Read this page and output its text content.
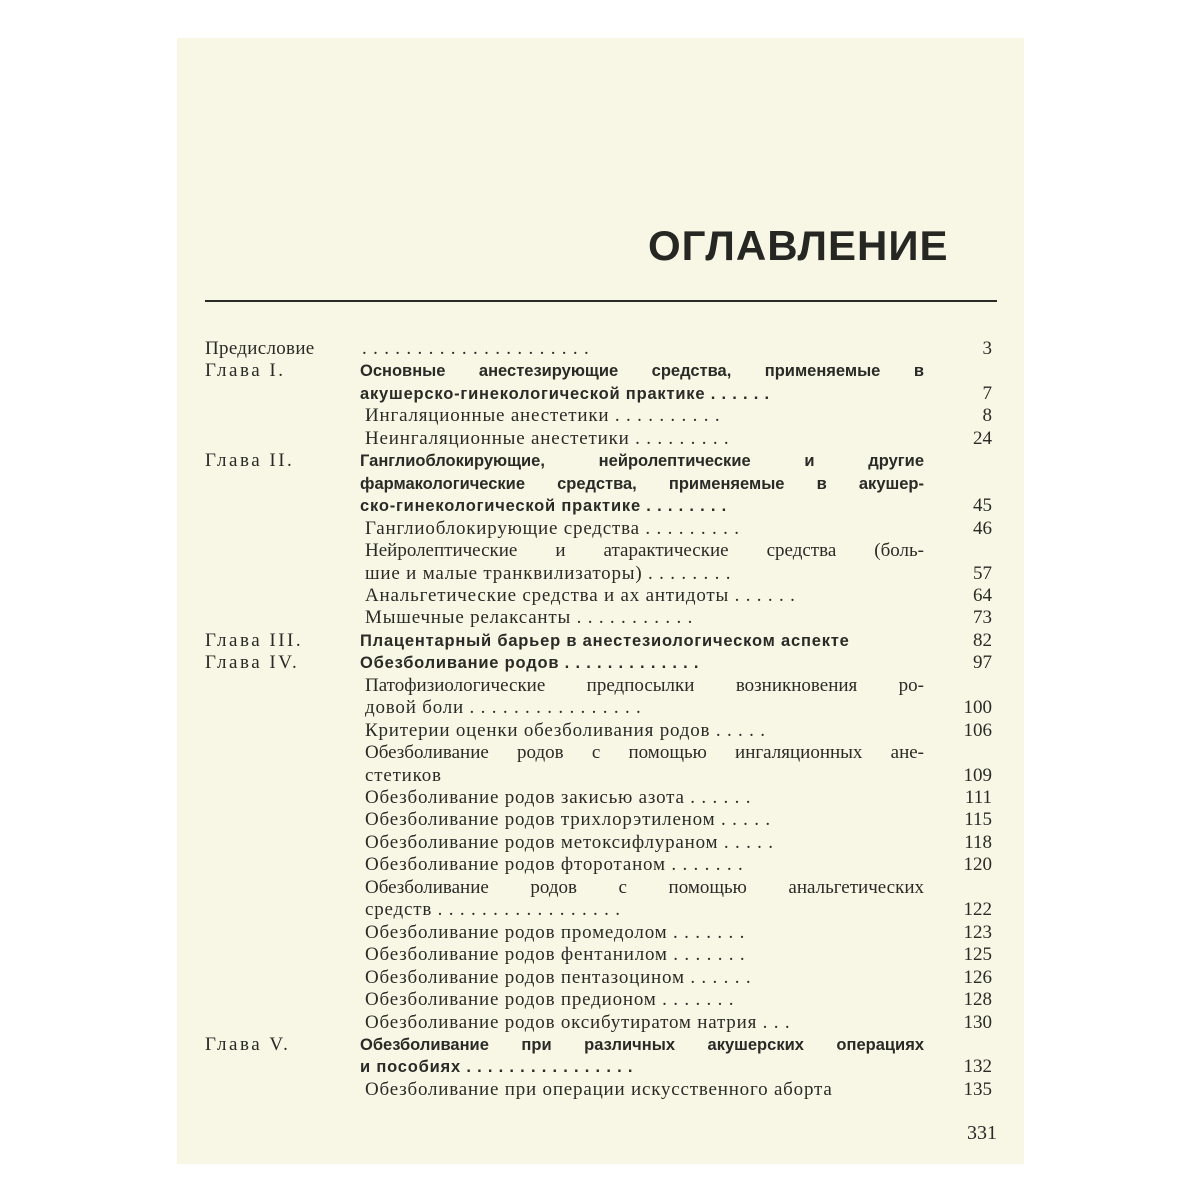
ОГЛАВЛЕНИЕ
Предисловие . . . . . . . . . . . . . . . . . . . . .	3
Глава I.	Основные анестезирующие средства, применяемые в
акушерско-гинекологической практике . . . . . .	7
Ингаляционные анестетики . . . . . . . . . .	8
Неингаляционные анестетики . . . . . . . . .	24
Глава II.	Ганглиоблокирующие, нейролептические и другие
фармакологические средства, применяемые в акушер-
ско-гинекологической практике . . . . . . . .	45
Ганглиоблокирующие средства . . . . . . . . .	46
Нейролептические и атарактические средства (боль-
шие и малые транквилизаторы) . . . . . . . .	57
Анальгетические средства и ах антидоты . . . . . .	64
Мышечные релаксанты . . . . . . . . . . .	73
Глава III.	Плацентарный барьер в анестезиологическом аспекте	82
Глава IV.	Обезболивание родов . . . . . . . . . . . . .	97
Патофизиологические предпосылки возникновения ро-
довой боли . . . . . . . . . . . . . . . .	100
Критерии оценки обезболивания родов . . . . .	106
Обезболивание родов с помощью ингаляционных ане-
стетиков	109
Обезболивание родов закисью азота . . . . . .	111
Обезболивание родов трихлорэтиленом . . . . .	115
Обезболивание родов метоксифлураном . . . . .	118
Обезболивание родов фторотаном . . . . . . .	120
Обезболивание родов с помощью анальгетических
средств . . . . . . . . . . . . . . . . .	122
Обезболивание родов промедолом . . . . . . .	123
Обезболивание родов фентанилом . . . . . . .	125
Обезболивание родов пентазоцином . . . . . .	126
Обезболивание родов предионом . . . . . . .	128
Обезболивание родов оксибутиратом натрия . . .	130
Глава V.	Обезболивание при различных акушерских операциях
и пособиях . . . . . . . . . . . . . . . .	132
Обезболивание при операции искусственного аборта	135
331
